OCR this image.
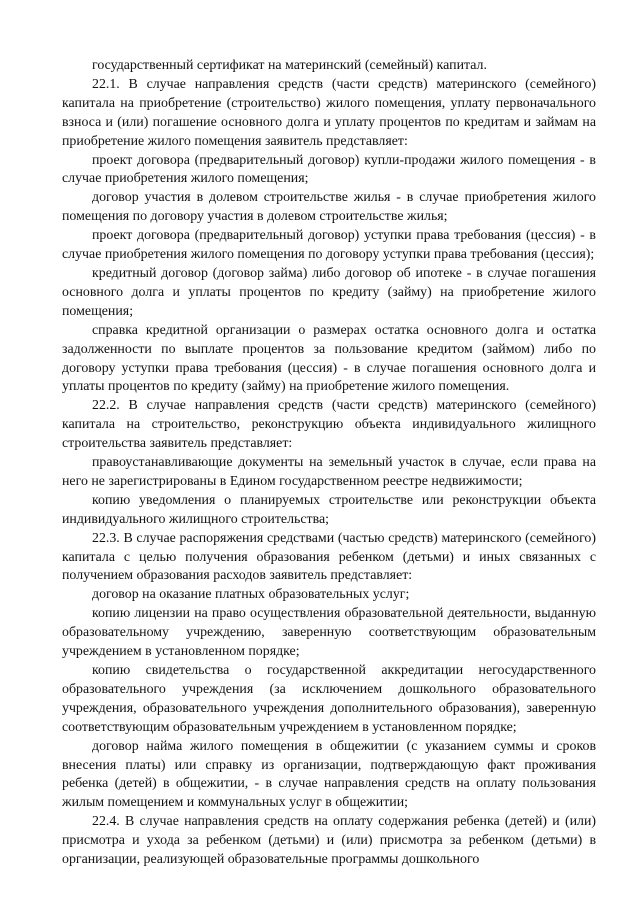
государственный сертификат на материнский (семейный) капитал.

22.1. В случае направления средств (части средств) материнского (семейного) капитала на приобретение (строительство) жилого помещения, уплату первоначального взноса и (или) погашение основного долга и уплату процентов по кредитам и займам на приобретение жилого помещения заявитель представляет:

проект договора (предварительный договор) купли-продажи жилого помещения - в случае приобретения жилого помещения;

договор участия в долевом строительстве жилья - в случае приобретения жилого помещения по договору участия в долевом строительстве жилья;

проект договора (предварительный договор) уступки права требования (цессия) - в случае приобретения жилого помещения по договору уступки права требования (цессия);

кредитный договор (договор займа) либо договор об ипотеке - в случае погашения основного долга и уплаты процентов по кредиту (займу) на приобретение жилого помещения;

справка кредитной организации о размерах остатка основного долга и остатка задолженности по выплате процентов за пользование кредитом (займом) либо по договору уступки права требования (цессия) - в случае погашения основного долга и уплаты процентов по кредиту (займу) на приобретение жилого помещения.

22.2. В случае направления средств (части средств) материнского (семейного) капитала на строительство, реконструкцию объекта индивидуального жилищного строительства заявитель представляет:

правоустанавливающие документы на земельный участок в случае, если права на него не зарегистрированы в Едином государственном реестре недвижимости;

копию уведомления о планируемых строительстве или реконструкции объекта индивидуального жилищного строительства;

22.3. В случае распоряжения средствами (частью средств) материнского (семейного) капитала с целью получения образования ребенком (детьми) и иных связанных с получением образования расходов заявитель представляет:

договор на оказание платных образовательных услуг;

копию лицензии на право осуществления образовательной деятельности, выданную образовательному учреждению, заверенную соответствующим образовательным учреждением в установленном порядке;

копию свидетельства о государственной аккредитации негосударственного образовательного учреждения (за исключением дошкольного образовательного учреждения, образовательного учреждения дополнительного образования), заверенную соответствующим образовательным учреждением в установленном порядке;

договор найма жилого помещения в общежитии (с указанием суммы и сроков внесения платы) или справку из организации, подтверждающую факт проживания ребенка (детей) в общежитии, - в случае направления средств на оплату пользования жилым помещением и коммунальных услуг в общежитии;

22.4. В случае направления средств на оплату содержания ребенка (детей) и (или) присмотра и ухода за ребенком (детьми) и (или) присмотра за ребенком (детьми) в организации, реализующей образовательные программы дошкольного
